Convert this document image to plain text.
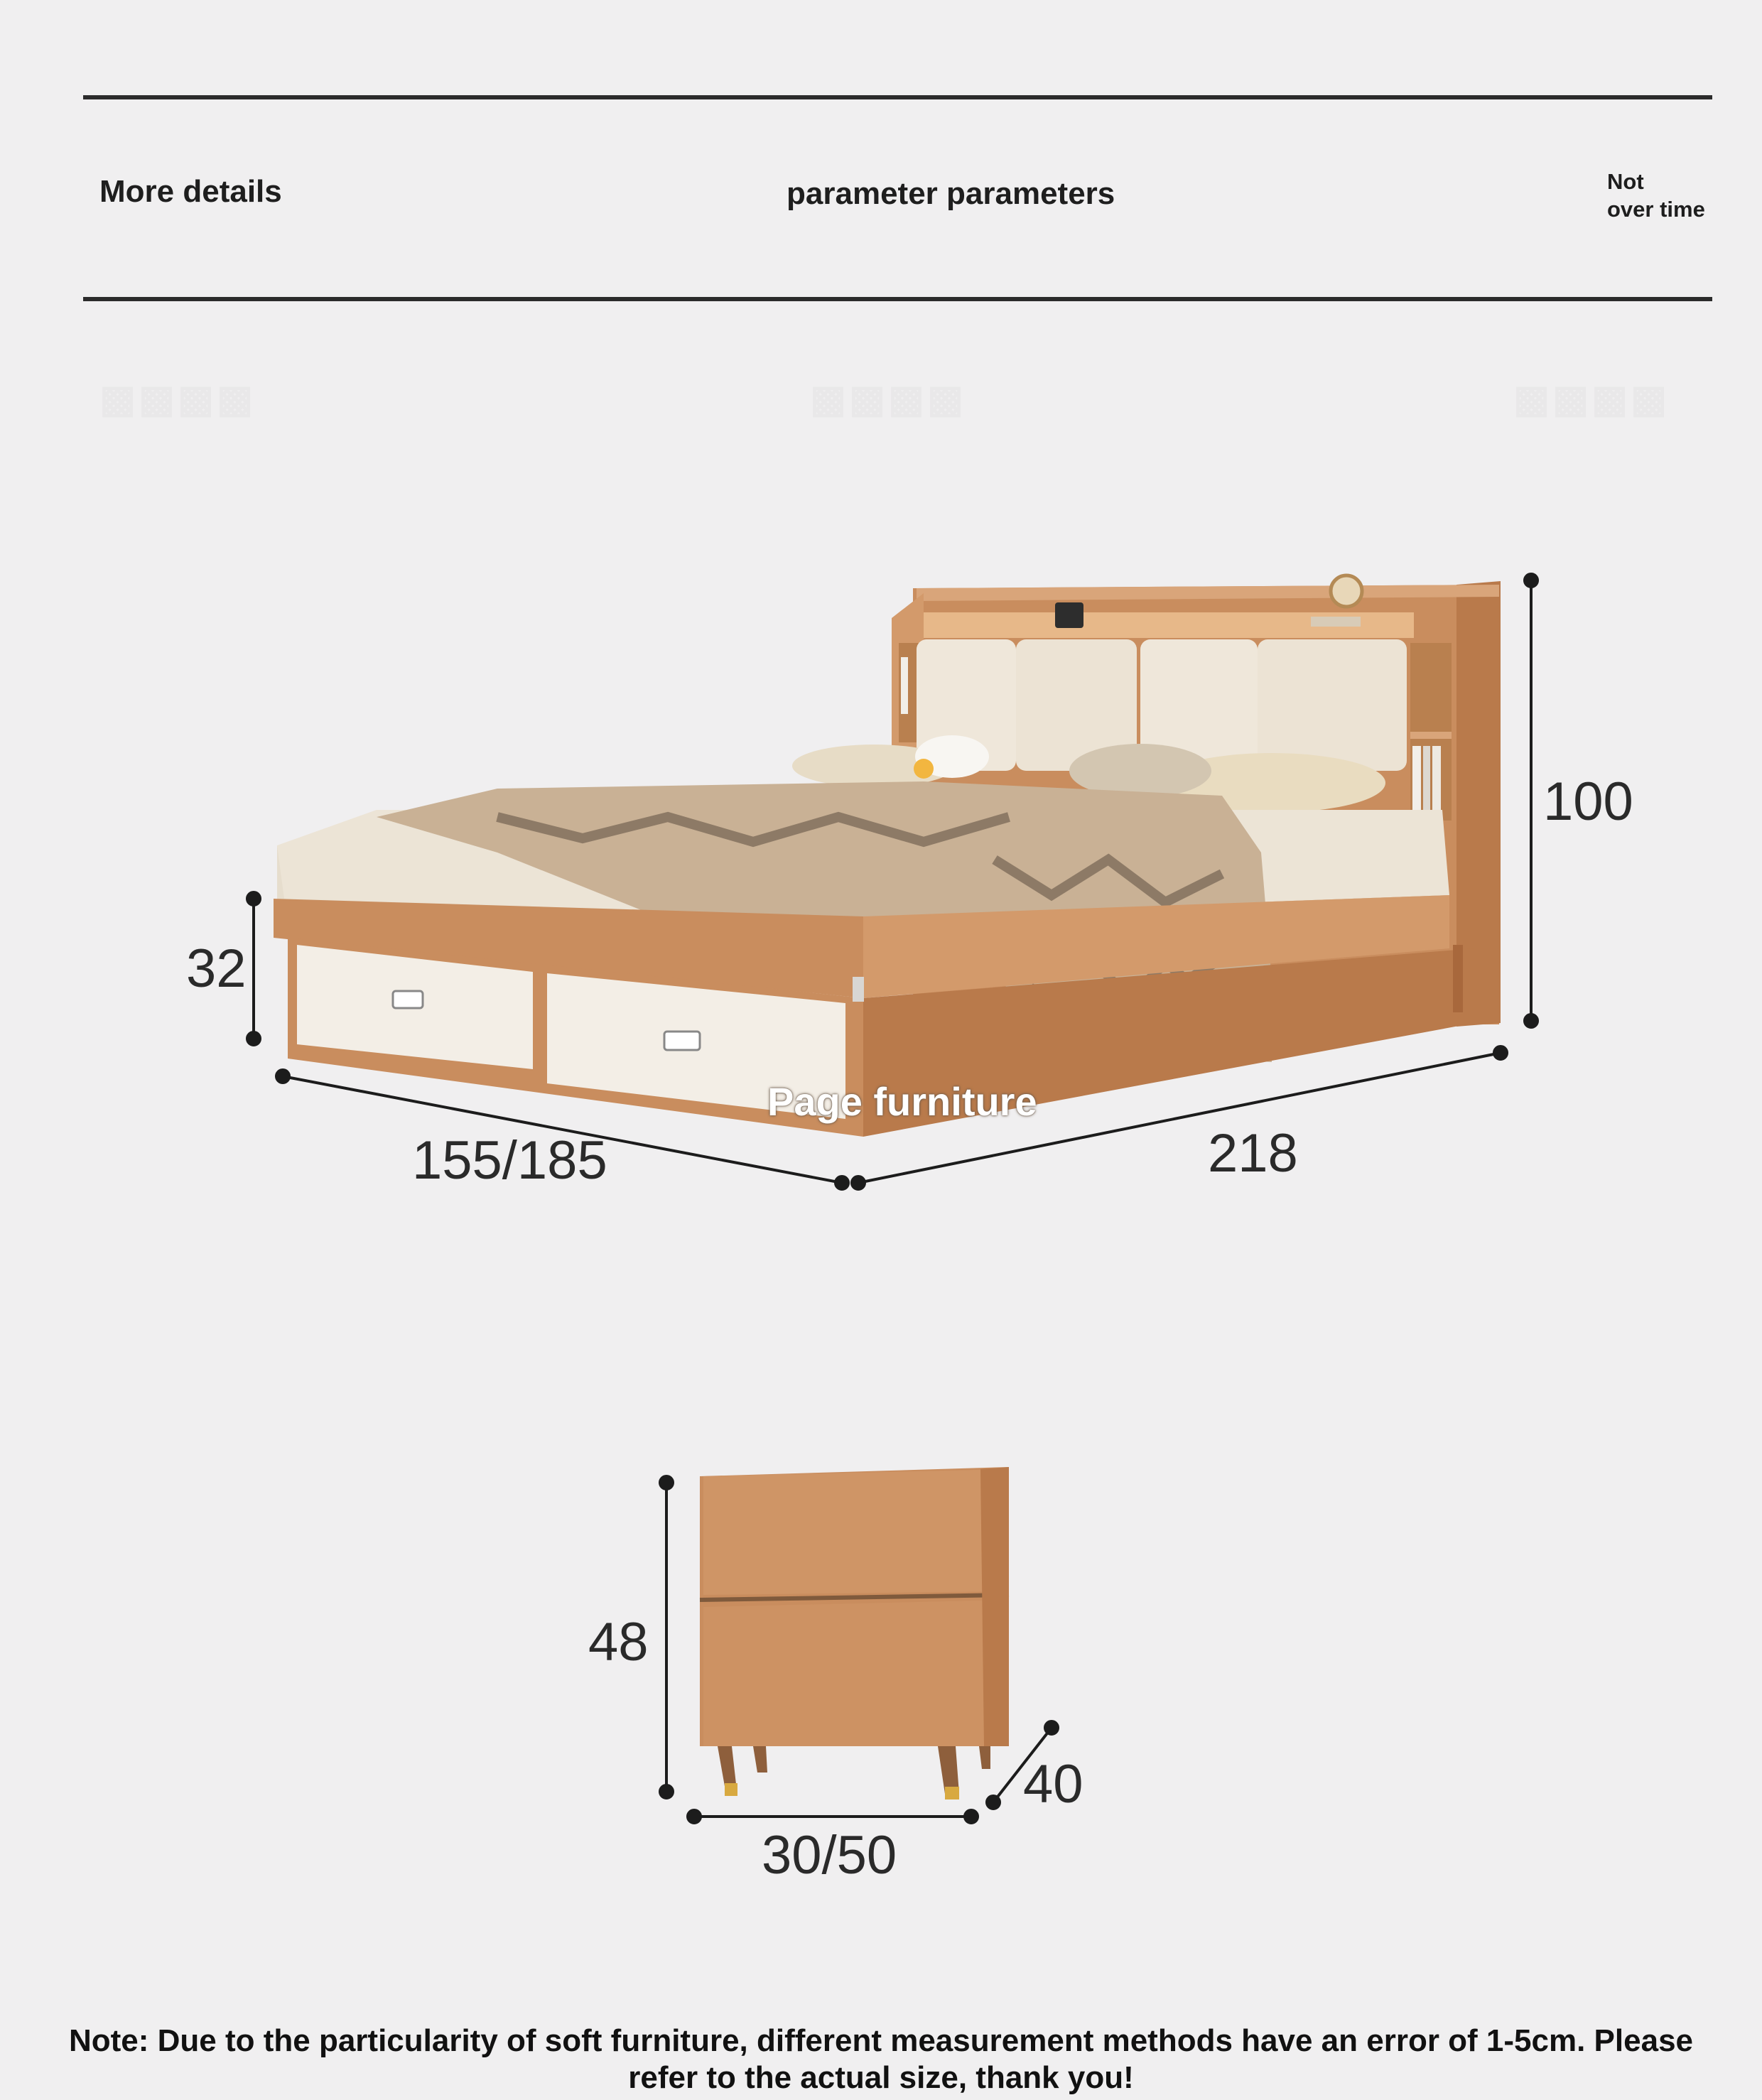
More details	parameter parameters	Not
over time
▩▩▩▩	▩▩▩▩	▩▩▩▩
100
32
155/185	218
Page furniture
48
30/50
40
Note: Due to the particularity of soft furniture, different measurement methods have an error of 1-5cm. Please refer to the actual size, thank you!
